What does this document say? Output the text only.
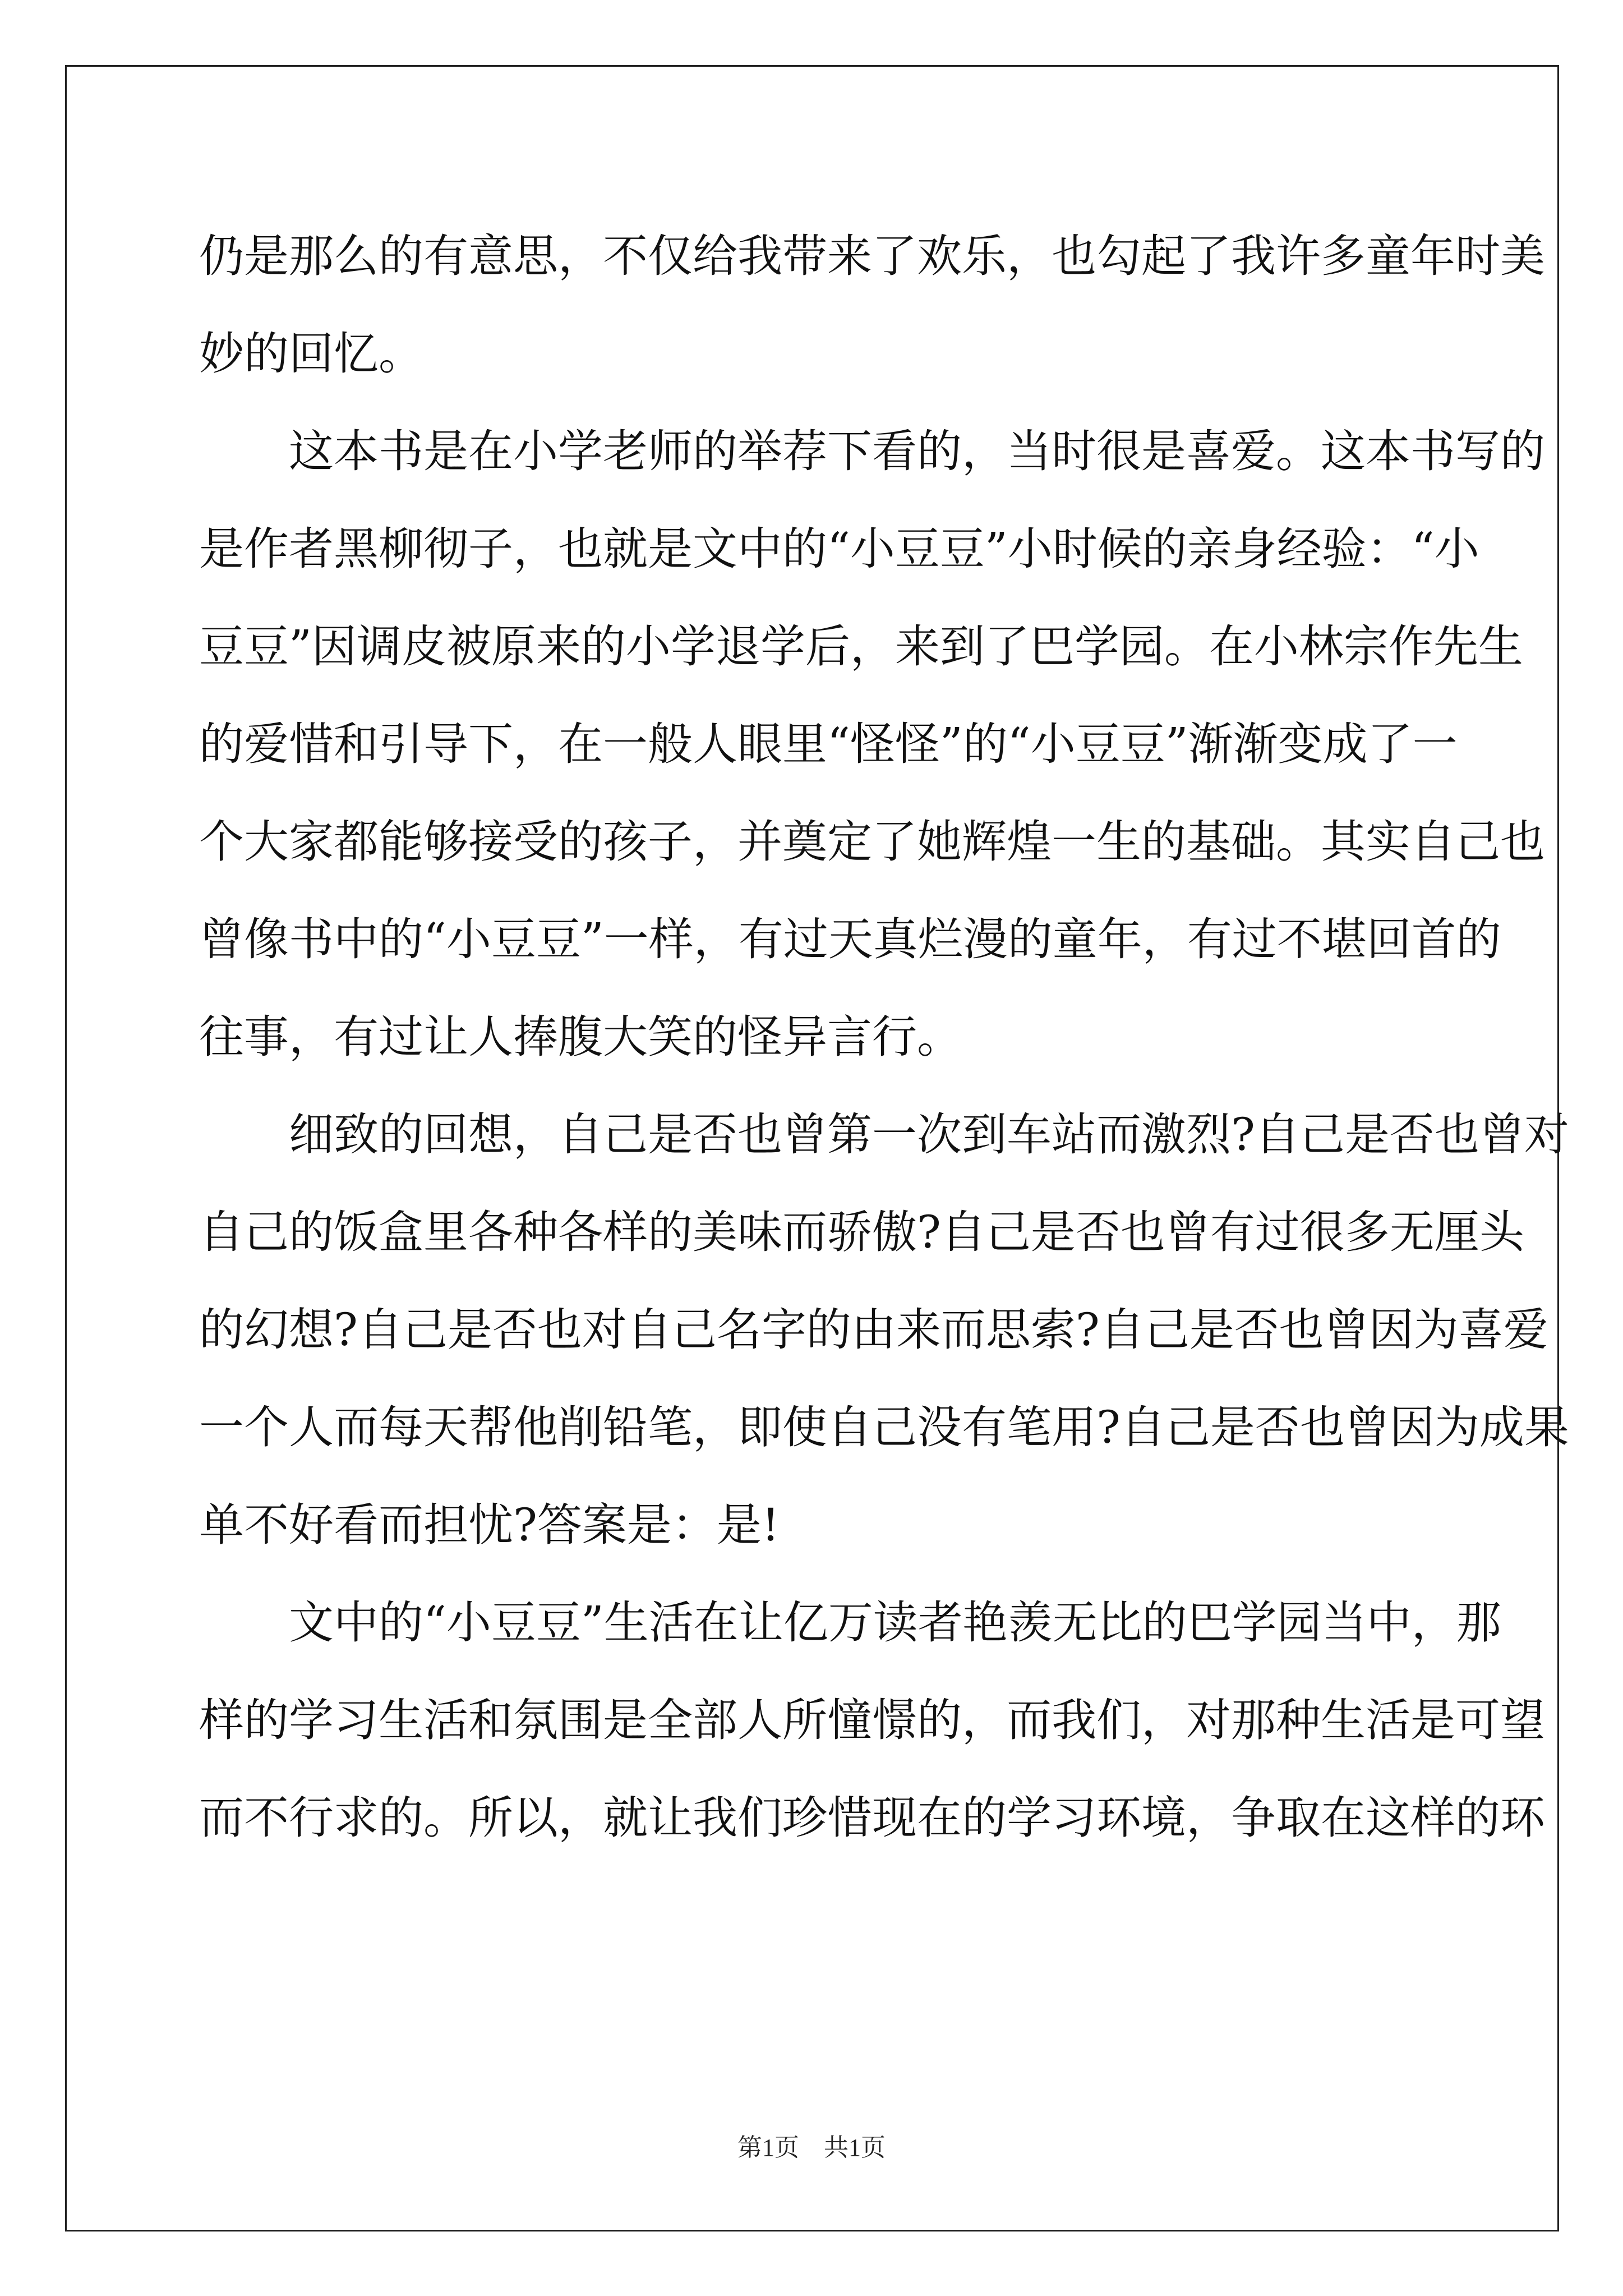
仍是那么的有意思，不仅给我带来了欢乐，也勾起了我许多童年时美
妙的回忆。
　　这本书是在小学老师的举荐下看的，当时很是喜爱。这本书写的
是作者黑柳彻子，也就是文中的“小豆豆”小时候的亲身经验：“小
豆豆”因调皮被原来的小学退学后，来到了巴学园。在小林宗作先生
的爱惜和引导下，在一般人眼里“怪怪”的“小豆豆”渐渐变成了一
个大家都能够接受的孩子，并奠定了她辉煌一生的基础。其实自己也
曾像书中的“小豆豆”一样，有过天真烂漫的童年，有过不堪回首的
往事，有过让人捧腹大笑的怪异言行。
　　细致的回想，自己是否也曾第一次到车站而激烈?自己是否也曾对
自己的饭盒里各种各样的美味而骄傲?自己是否也曾有过很多无厘头
的幻想?自己是否也对自己名字的由来而思索?自己是否也曾因为喜爱
一个人而每天帮他削铅笔，即使自己没有笔用?自己是否也曾因为成果
单不好看而担忧?答案是：是!
　　文中的“小豆豆”生活在让亿万读者艳羡无比的巴学园当中，那
样的学习生活和氛围是全部人所憧憬的，而我们，对那种生活是可望
而不行求的。所以，就让我们珍惜现在的学习环境，争取在这样的环
第1页　共1页
